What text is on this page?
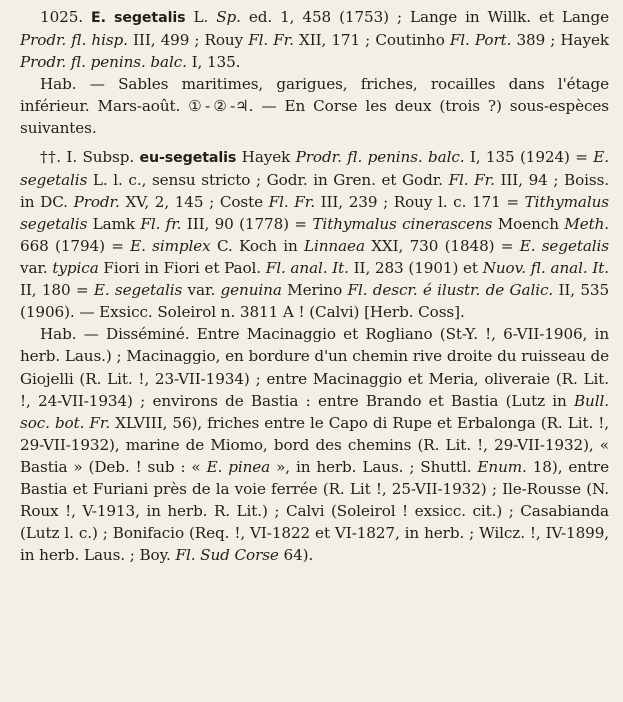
1025. E. segetalis L. Sp. ed. 1, 458 (1753) ; Lange in Willk. et Lange Prodr. fl. hisp. III, 499 ; Rouy Fl. Fr. XII, 171 ; Coutinho Fl. Port. 389 ; Hayek Prodr. fl. penins. balc. I, 135.

Hab. — Sables maritimes, garigues, friches, rocailles dans l'étage inférieur. Mars-août. ①-②-♃. — En Corse les deux (trois ?) sous-espèces suivantes.

††. I. Subsp. eu-segetalis Hayek Prodr. fl. penins. balc. I, 135 (1924) = E. segetalis L. l. c., sensu stricto ; Godr. in Gren. et Godr. Fl. Fr. III, 94 ; Boiss. in DC. Prodr. XV, 2, 145 ; Coste Fl. Fr. III, 239 ; Rouy l. c. 171 = Tithymalus segetalis Lamk Fl. fr. III, 90 (1778) = Tithymalus cinerascens Moench Meth. 668 (1794) = E. simplex C. Koch in Linnaea XXI, 730 (1848) = E. segetalis var. typica Fiori in Fiori et Paol. Fl. anal. It. II, 283 (1901) et Nuov. fl. anal. It. II, 180 = E. segetalis var. genuina Merino Fl. descr. é ilustr. de Galic. II, 535 (1906). — Exsicc. Soleirol n. 3811 A ! (Calvi) [Herb. Coss].

Hab. — Disséminé. Entre Macinaggio et Rogliano (St-Y. !, 6-VII-1906, in herb. Laus.) ; Macinaggio, en bordure d'un chemin rive droite du ruisseau de Giojelli (R. Lit. !, 23-VII-1934) ; entre Macinaggio et Meria, oliveraie (R. Lit. !, 24-VII-1934) ; environs de Bastia : entre Brando et Bastia (Lutz in Bull. soc. bot. Fr. XLVIII, 56), friches entre le Capo di Rupe et Erbalonga (R. Lit. !, 29-VII-1932), marine de Miomo, bord des chemins (R. Lit. !, 29-VII-1932), « Bastia » (Deb. ! sub : « E. pinea », in herb. Laus. ; Shuttl. Enum. 18), entre Bastia et Furiani près de la voie ferrée (R. Lit !, 25-VII-1932) ; Ile-Rousse (N. Roux !, V-1913, in herb. R. Lit.) ; Calvi (Soleirol ! exsicc. cit.) ; Casabianda (Lutz l. c.) ; Bonifacio (Req. !, VI-1822 et VI-1827, in herb. ; Wilcz. !, IV-1899, in herb. Laus. ; Boy. Fl. Sud Corse 64).
